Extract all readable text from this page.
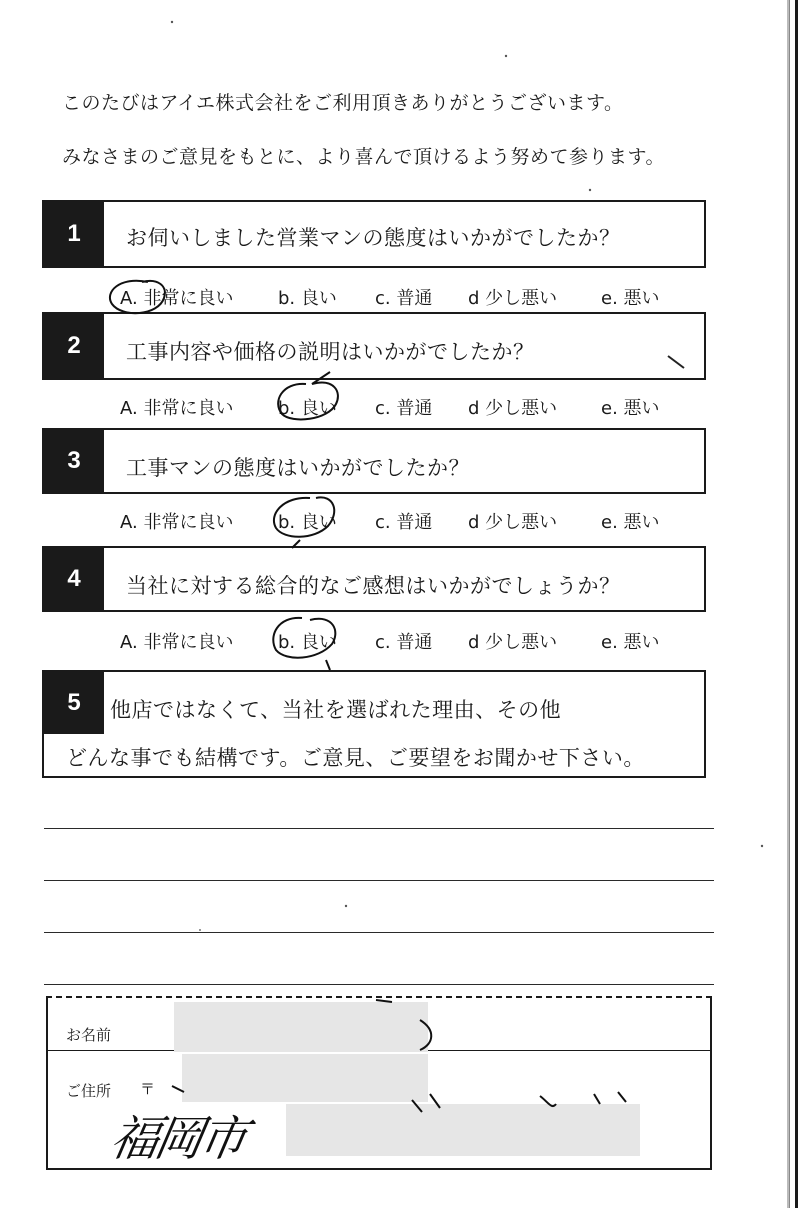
このたびはアイエ株式会社をご利用頂きありがとうございます。
みなさまのご意見をもとに、より喜んで頂けるよう努めて参ります。
1	お伺いしました営業マンの態度はいかがでしたか？
A. 非常に良い b. 良い c. 普通 d 少し悪い e. 悪い
2	工事内容や価格の説明はいかがでしたか？
A. 非常に良い b. 良い c. 普通 d 少し悪い e. 悪い
3	工事マンの態度はいかがでしたか？
A. 非常に良い b. 良い c. 普通 d 少し悪い e. 悪い
4	当社に対する総合的なご感想はいかがでしょうか？
A. 非常に良い b. 良い c. 普通 d 少し悪い e. 悪い
5	他店ではなくて、当社を選ばれた理由、その他
どんな事でも結構です。ご意見、ご要望をお聞かせ下さい。
お名前
ご住所 〒
福岡市
